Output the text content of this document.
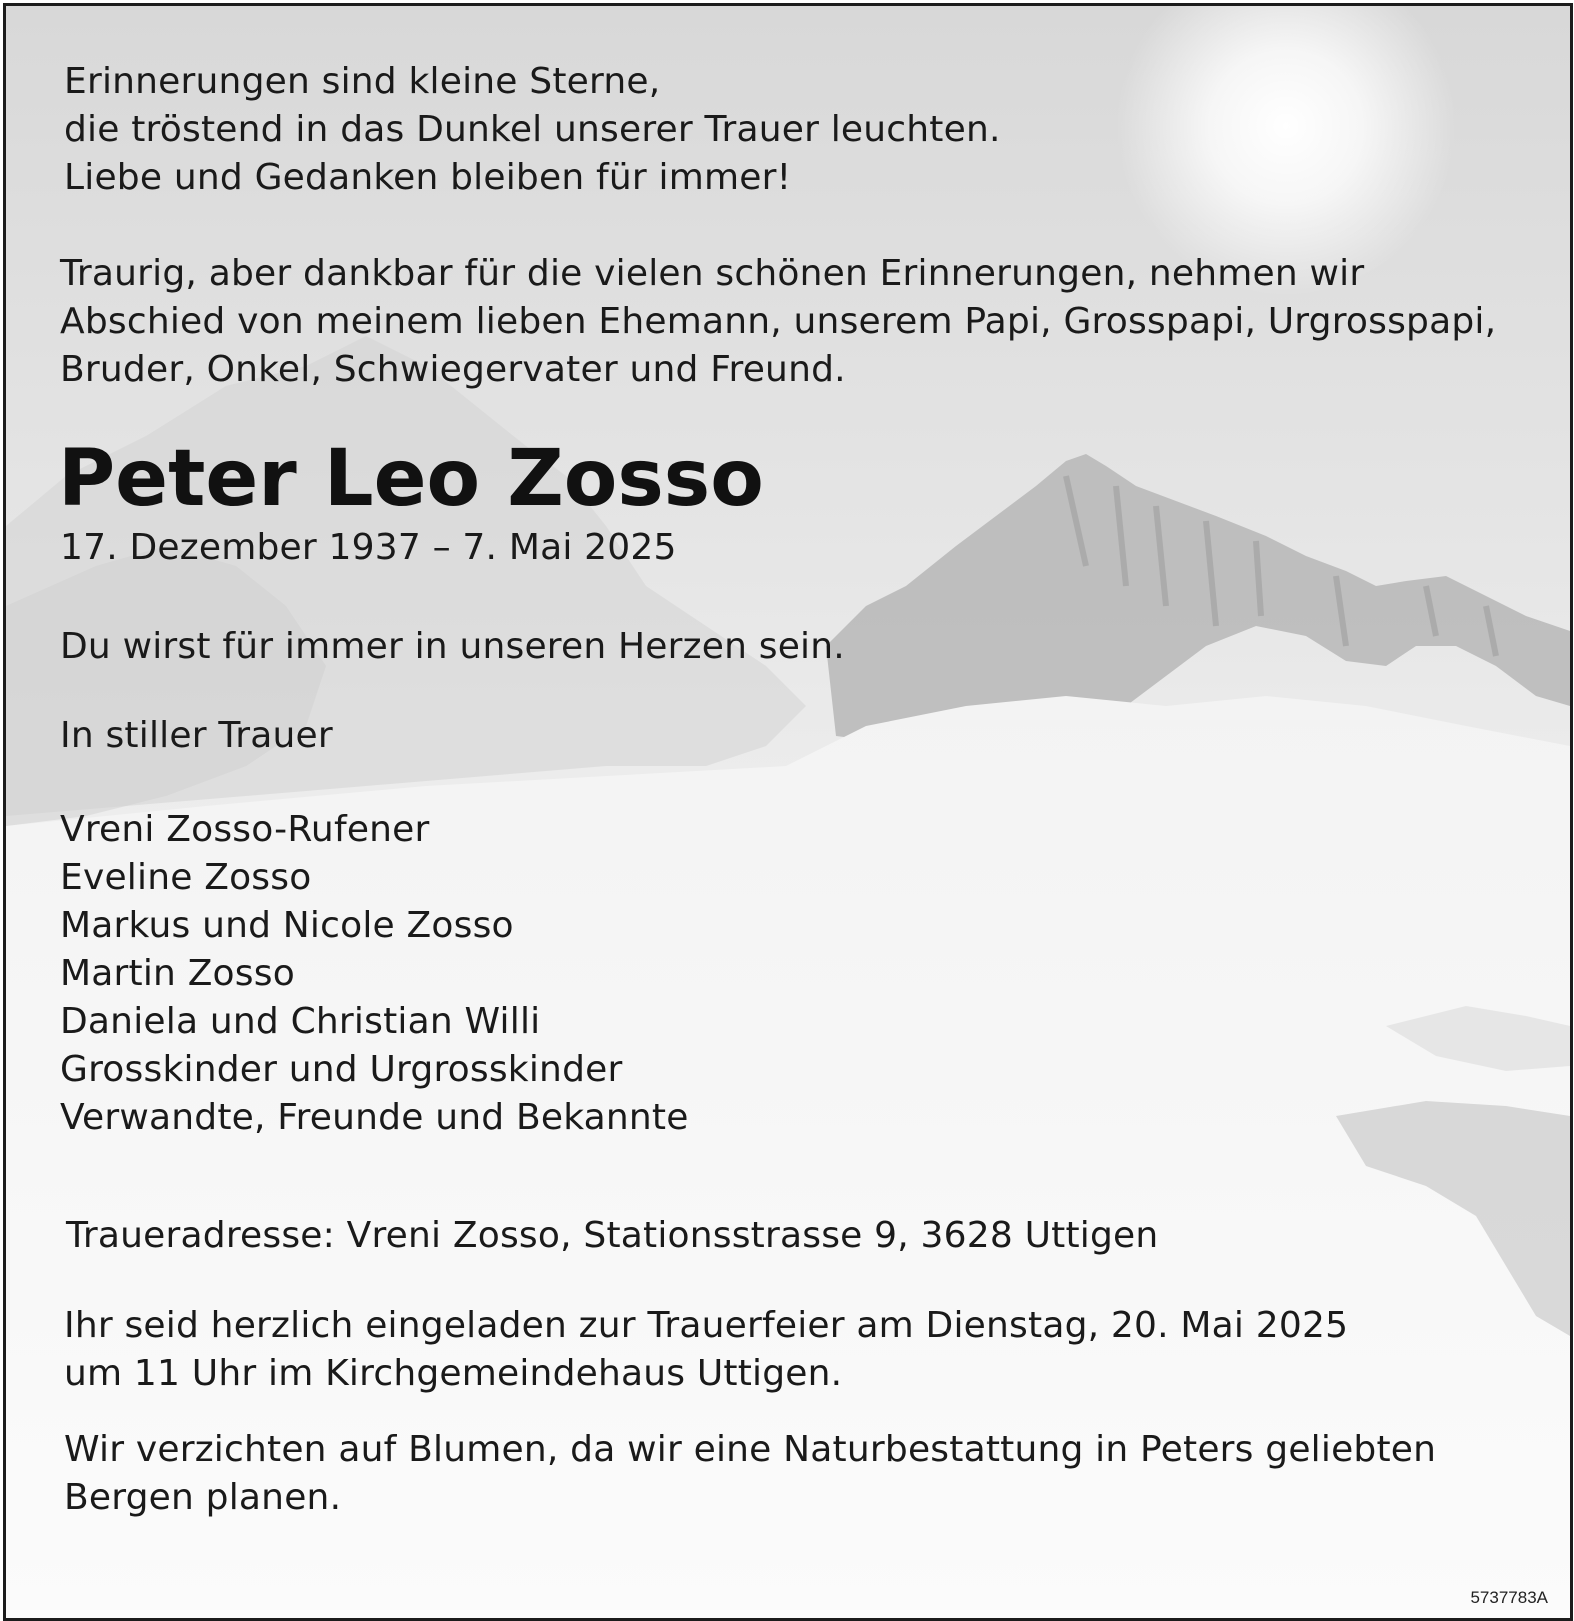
Erinnerungen sind kleine Sterne,
die tröstend in das Dunkel unserer Trauer leuchten.
Liebe und Gedanken bleiben für immer!

Traurig, aber dankbar für die vielen schönen Erinnerungen, nehmen wir
Abschied von meinem lieben Ehemann, unserem Papi, Grosspapi, Urgrosspapi,
Bruder, Onkel, Schwiegervater und Freund.

Peter Leo Zosso

17. Dezember 1937 – 7. Mai 2025

Du wirst für immer in unseren Herzen sein.

In stiller Trauer

Vreni Zosso-Rufener
Eveline Zosso
Markus und Nicole Zosso
Martin Zosso
Daniela und Christian Willi
Grosskinder und Urgrosskinder
Verwandte, Freunde und Bekannte

Traueradresse: Vreni Zosso, Stationsstrasse 9, 3628 Uttigen

Ihr seid herzlich eingeladen zur Trauerfeier am Dienstag, 20. Mai 2025
um 11 Uhr im Kirchgemeindehaus Uttigen.

Wir verzichten auf Blumen, da wir eine Naturbestattung in Peters geliebten
Bergen planen.

5737783A
